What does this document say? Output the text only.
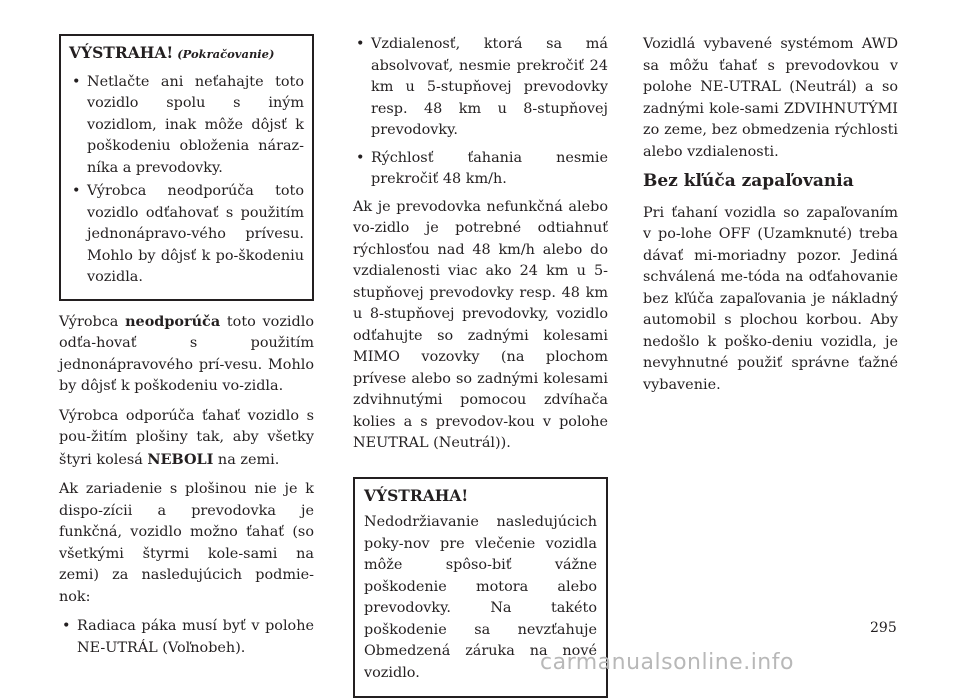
VÝSTRAHA! (Pokračovanie)
• Netlačte ani neťahajte toto vozidlo spolu s iným vozidlom, inak môže dôjsť k poškodeniu obloženia náraz-níka a prevodovky.
• Výrobca neodporúča toto vozidlo odťahovať s použitím jednonápravo-vého prívesu. Mohlo by dôjsť k po-škodeniu vozidla.

Výrobca neodporúča toto vozidlo odťa-hovať s použitím jednonápravového prí-vesu. Mohlo by dôjsť k poškodeniu vo-zidla.

Výrobca odporúča ťahať vozidlo s pou-žitím plošiny tak, aby všetky štyri kolesá NEBOLI na zemi.

Ak zariadenie s plošinou nie je k dispo-zícii a prevodovka je funkčná, vozidlo možno ťahať (so všetkými štyrmi kole-sami na zemi) za nasledujúcich podmie-nok:

• Radiaca páka musí byť v polohe NE-UTRÁL (Voľnobeh).
• Vzdialenosť, ktorá sa má absolvovať, nesmie prekročiť 24 km u 5-stupňovej prevodovky resp. 48 km u 8-stupňovej prevodovky.
• Rýchlosť ťahania nesmie prekročiť 48 km/h.

Ak je prevodovka nefunkčná alebo vo-zidlo je potrebné odtiahnuť rýchlosťou nad 48 km/h alebo do vzdialenosti viac ako 24 km u 5-stupňovej prevodovky resp. 48 km u 8-stupňovej prevodovky, vozidlo odťahujte so zadnými kolesami MIMO vozovky (na plochom prívese alebo so zadnými kolesami zdvihnutými pomocou zdvíhača kolies a s prevodov-kou v polohe NEUTRAL (Neutrál)).

VÝSTRAHA!

Nedodržiavanie nasledujúcich poky-nov pre vlečenie vozidla môže spôso-biť vážne poškodenie motora alebo prevodovky. Na takéto poškodenie sa nevzťahuje Obmedzená záruka na nové vozidlo.

Vozidlá vybavené systémom AWD sa môžu ťahať s prevodovkou v polohe NE-UTRAL (Neutrál) a so zadnými kole-sami ZDVIHNUTÝMI zo zeme, bez obmedzenia rýchlosti alebo vzdialenosti.

Bez kľúča zapaľovania

Pri ťahaní vozidla so zapaľovaním v po-lohe OFF (Uzamknuté) treba dávať mi-moriadny pozor. Jediná schválená me-tóda na odťahovanie bez kľúča zapaľovania je nákladný automobil s plochou korbou. Aby nedošlo k poško-deniu vozidla, je nevyhnutné použiť správne ťažné vybavenie.

295
carmanualsonline.info
